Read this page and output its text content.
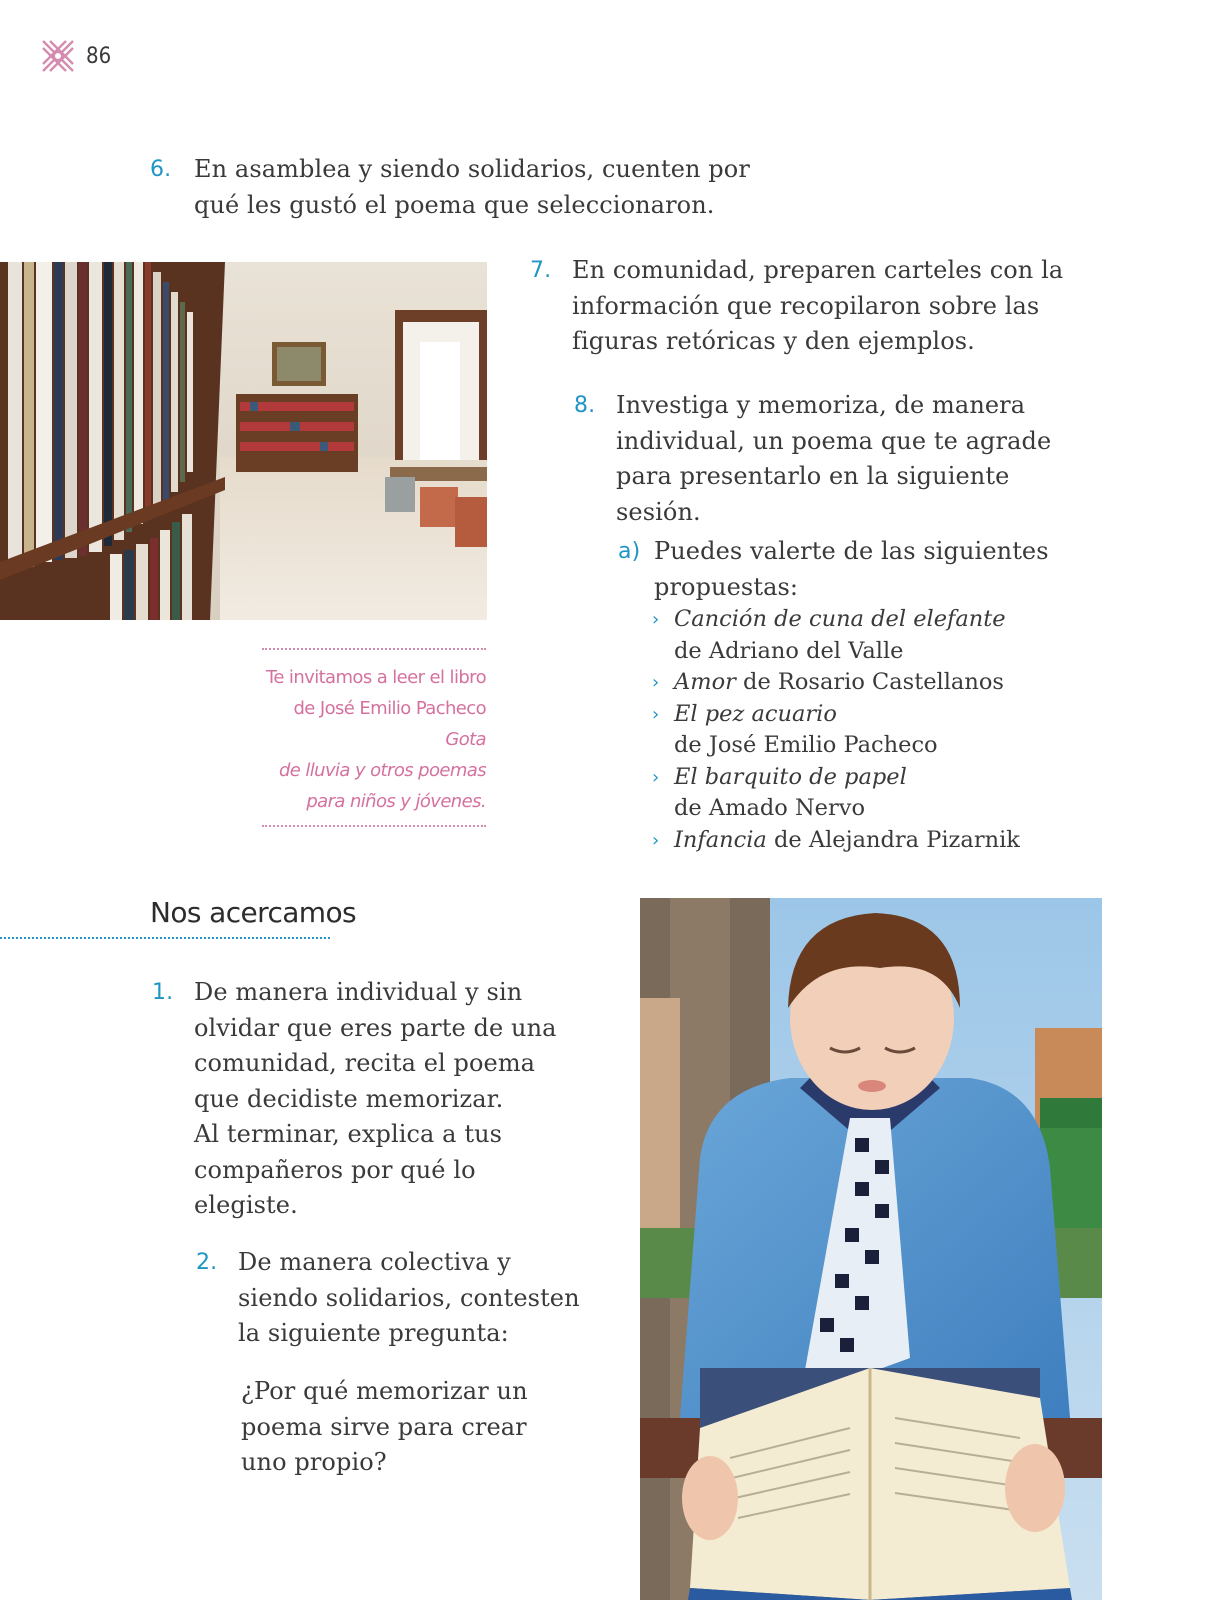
86
6. En asamblea y siendo solidarios, cuenten por
qué les gustó el poema que seleccionaron.
7. En comunidad, preparen carteles con la
información que recopilaron sobre las
figuras retóricas y den ejemplos.
8. Investiga y memoriza, de manera
individual, un poema que te agrade
para presentarlo en la siguiente
sesión.
a) Puedes valerte de las siguientes
propuestas:
› Canción de cuna del elefante
de Adriano del Valle
› Amor de Rosario Castellanos
› El pez acuario
de José Emilio Pacheco
› El barquito de papel
de Amado Nervo
› Infancia de Alejandra Pizarnik
Te invitamos a leer el libro
de José Emilio Pacheco Gota
de lluvia y otros poemas
para niños y jóvenes.
Nos acercamos
1. De manera individual y sin
olvidar que eres parte de una
comunidad, recita el poema
que decidiste memorizar.
Al terminar, explica a tus
compañeros por qué lo
elegiste.
2. De manera colectiva y
siendo solidarios, contesten
la siguiente pregunta:
¿Por qué memorizar un
poema sirve para crear
uno propio?
